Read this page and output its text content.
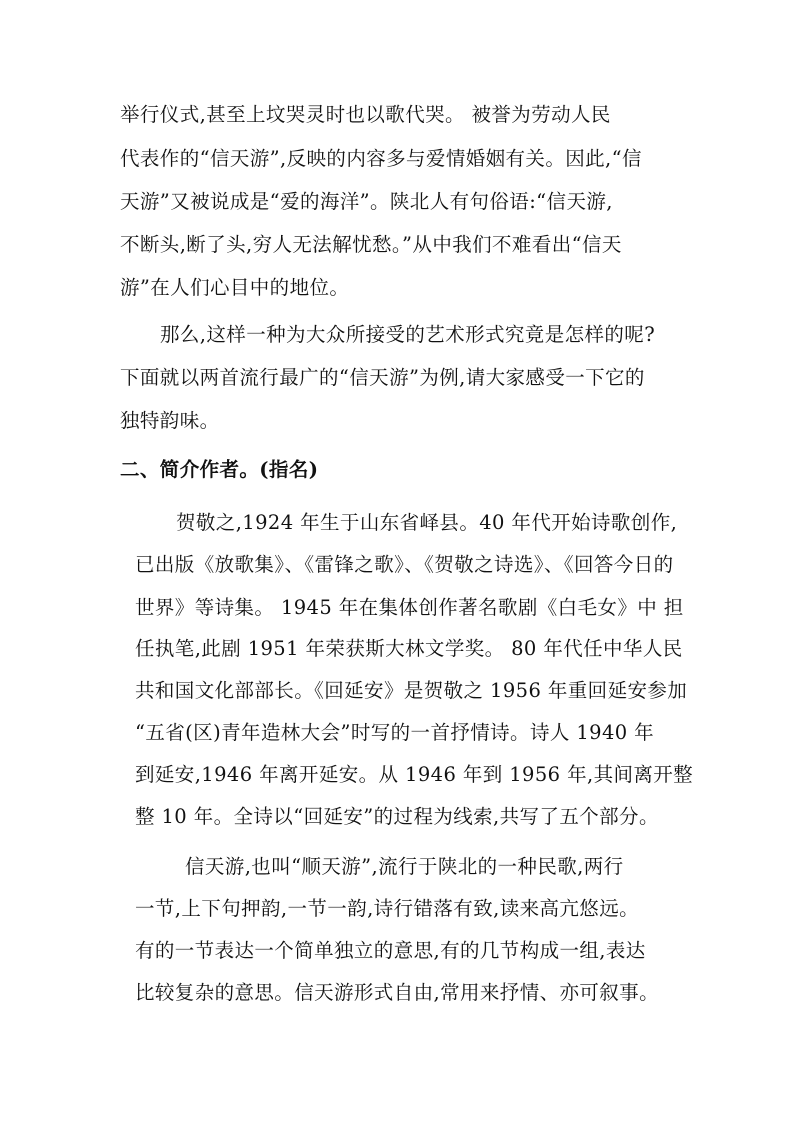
举行仪式,甚至上坟哭灵时也以歌代哭。 被誉为劳动人民
代表作的“信天游”,反映的内容多与爱情婚姻有关。因此,“信
天游”又被说成是“爱的海洋”。陕北人有句俗语:“信天游,
不断头,断了头,穷人无法解忧愁。”从中我们不难看出“信天
游”在人们心目中的地位。
那么,这样一种为大众所接受的艺术形式究竟是怎样的呢?
下面就以两首流行最广的“信天游”为例,请大家感受一下它的
独特韵味。
二、简介作者。(指名)
贺敬之,1924 年生于山东省峄县。40 年代开始诗歌创作,
已出版《放歌集》、《雷锋之歌》、《贺敬之诗选》、《回答今日的
世界》等诗集。 1945 年在集体创作著名歌剧《白毛女》中 担
任执笔,此剧 1951 年荣获斯大林文学奖。 80 年代任中华人民
共和国文化部部长。《回延安》是贺敬之 1956 年重回延安参加
“五省(区)青年造林大会”时写的一首抒情诗。诗人 1940 年
到延安,1946 年离开延安。从 1946 年到 1956 年,其间离开整
整 10 年。全诗以“回延安”的过程为线索,共写了五个部分。
信天游,也叫“顺天游”,流行于陕北的一种民歌,两行
一节,上下句押韵,一节一韵,诗行错落有致,读来高亢悠远。
有的一节表达一个简单独立的意思,有的几节构成一组,表达
比较复杂的意思。信天游形式自由,常用来抒情、亦可叙事。
